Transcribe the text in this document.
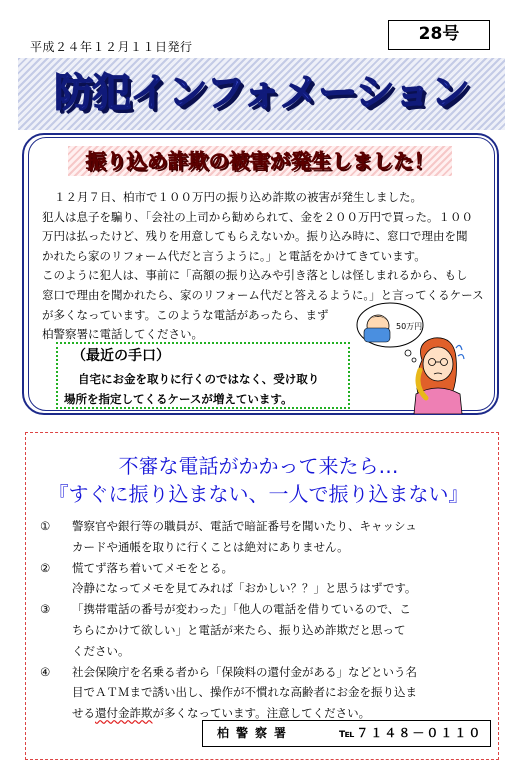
平成２４年１２月１１日発行
28号
防犯インフォメーション
振り込め詐欺の被害が発生しました！

１２月７日、柏市で１００万円の振り込め詐欺の被害が発生しました。

犯人は息子を騙り、「会社の上司から勧められて、金を２００万円で買った。１００

万円は払ったけど、残りを用意してもらえないか。振り込み時に、窓口で理由を聞

かれたら家のリフォーム代だと言うように。」と電話をかけてきています。

このように犯人は、事前に「高額の振り込みや引き落としは怪しまれるから、もし

窓口で理由を聞かれたら、家のリフォーム代だと答えるように。」と言ってくるケース

が多くなっています。このような電話があったら、まず

柏警察署に電話してください。

（最近の手口）

自宅にお金を取りに行くのではなく、受け取り

場所を指定してくるケースが増えています。

50万円
不審な電話がかかって来たら…
『すぐに振り込まない、一人で振り込まない』
① 警察官や銀行等の職員が、電話で暗証番号を聞いたり、キャッシュ

カードや通帳を取りに行くことは絶対にありません。

② 慌てず落ち着いてメモをとる。

冷静になってメモを見てみれば「おかしい？？」と思うはずです。

③ 「携帯電話の番号が変わった」「他人の電話を借りているので、こ

ちらにかけて欲しい」と電話が来たら、振り込め詐欺だと思って

ください。

④ 社会保険庁を名乗る者から「保険料の還付金がある」などという名

目でＡＴＭまで誘い出し、操作が不慣れな高齢者にお金を振り込ま

せる還付金詐欺が多くなっています。注意してください。

柏警察署	℡７１４８－０１１０
